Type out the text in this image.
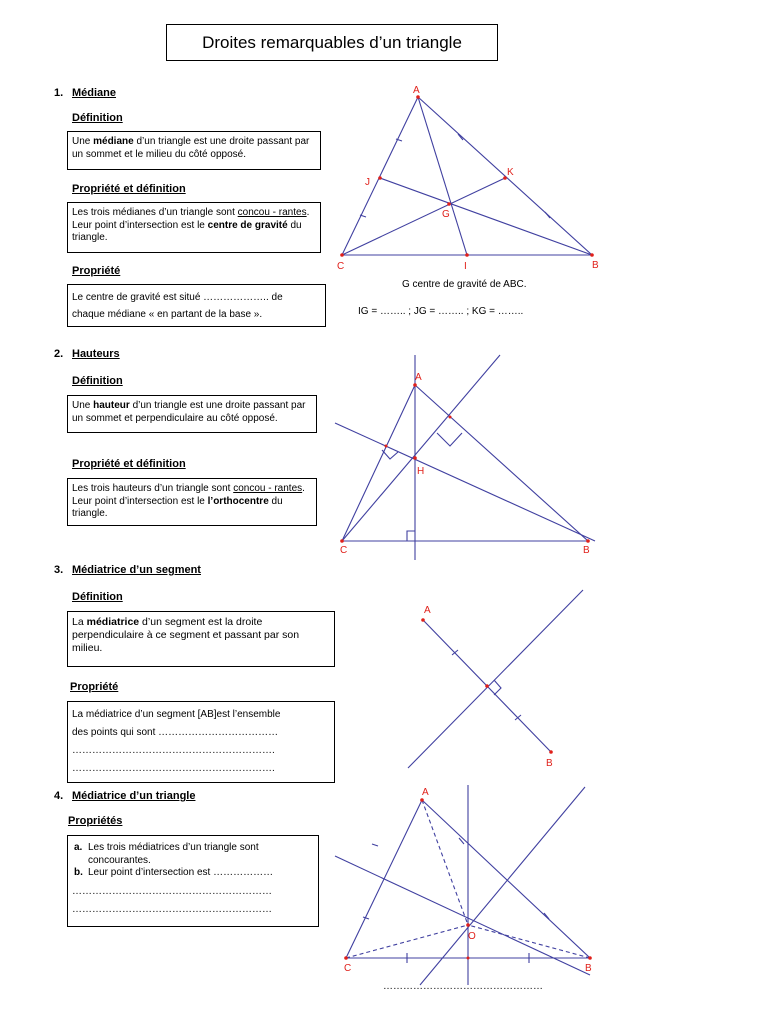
Droites remarquables d’un triangle
1. Médiane
Définition
Une médiane d’un triangle est une droite passant par un sommet et le milieu du côté opposé.
Propriété et définition
Les trois médianes d’un triangle sont concou - rantes. Leur point d’intersection est le centre de gravité du triangle.
Propriété
Le centre de gravité est situé ……………….. de
chaque médiane « en partant de la base ».
G centre de gravité de ABC.
IG = …….. ; JG = …….. ; KG = ……..
2. Hauteurs
Définition
Une hauteur d’un triangle est une droite passant par un sommet et perpendiculaire au côté opposé.
Propriété et définition
Les trois hauteurs d’un triangle sont concou - rantes. Leur point d’intersection est le l’orthocentre du triangle.
3. Médiatrice d’un segment
Définition
La médiatrice d’un segment est la droite perpendiculaire à ce segment et passant par son milieu.
Propriété
La médiatrice d’un segment [AB]est l’ensemble
des points qui sont ………………………………
…………………………………………………….
…………………………………………………….
4. Médiatrice d’un triangle
Propriétés
a. Les trois médiatrices d’un triangle sont concourantes.
b. Leur point d’intersection est ………………
……………………………………………………
……………………………………………………
…………………………………………
A
C	B
G
I
J
K
A
C	B
H
A
B
A
C	B
O
